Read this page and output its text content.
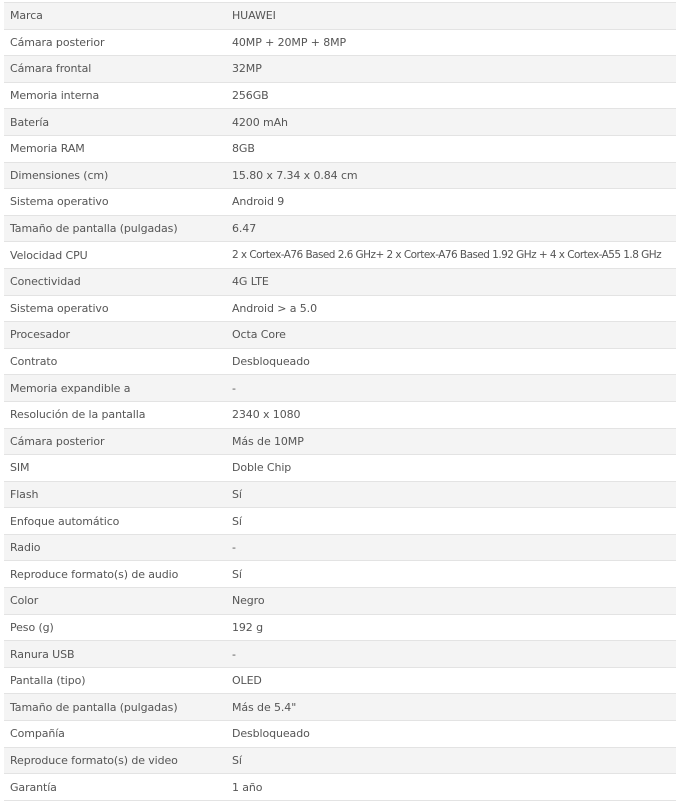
Marca	HUAWEI
Cámara posterior	40MP + 20MP + 8MP
Cámara frontal	32MP
Memoria interna	256GB
Batería	4200 mAh
Memoria RAM	8GB
Dimensiones (cm)	15.80 x 7.34 x 0.84 cm
Sistema operativo	Android 9
Tamaño de pantalla (pulgadas)	6.47
Velocidad CPU	2 x Cortex-A76 Based 2.6 GHz+ 2 x Cortex-A76 Based 1.92 GHz + 4 x Cortex-A55 1.8 GHz
Conectividad	4G LTE
Sistema operativo	Android > a 5.0
Procesador	Octa Core
Contrato	Desbloqueado
Memoria expandible a	-
Resolución de la pantalla	2340 x 1080
Cámara posterior	Más de 10MP
SIM	Doble Chip
Flash	Sí
Enfoque automático	Sí
Radio	-
Reproduce formato(s) de audio	Sí
Color	Negro
Peso (g)	192 g
Ranura USB	-
Pantalla (tipo)	OLED
Tamaño de pantalla (pulgadas)	Más de 5.4"
Compañía	Desbloqueado
Reproduce formato(s) de video	Sí
Garantía	1 año
